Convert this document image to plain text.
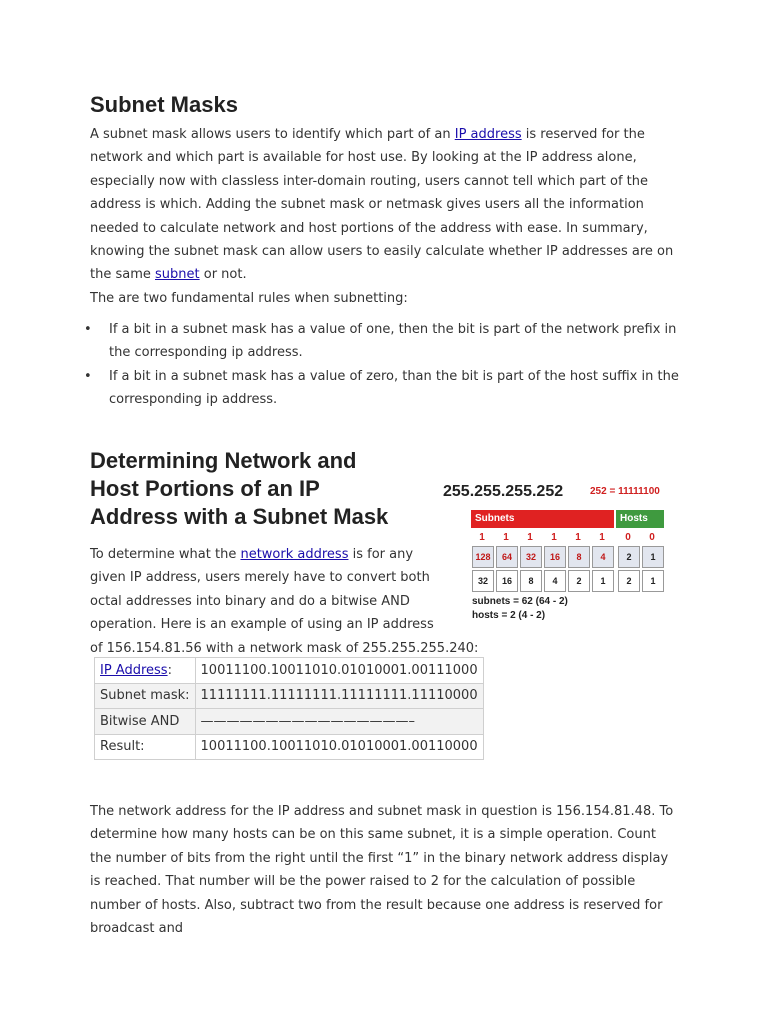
Subnet Masks

A subnet mask allows users to identify which part of an IP address is reserved for the network and which part is available for host use. By looking at the IP address alone, especially now with classless inter-domain routing, users cannot tell which part of the address is which. Adding the subnet mask or netmask gives users all the information needed to calculate network and host portions of the address with ease. In summary, knowing the subnet mask can allow users to easily calculate whether IP addresses are on the same subnet or not.
The are two fundamental rules when subnetting:

• If a bit in a subnet mask has a value of one, then the bit is part of the network prefix in the corresponding ip address.
• If a bit in a subnet mask has a value of zero, than the bit is part of the host suffix in the corresponding ip address.
Determining Network and Host Portions of an IP Address with a Subnet Mask

To determine what the network address is for any given IP address, users merely have to convert both octal addresses into binary and do a bitwise AND operation. Here is an example of using an IP address

of 156.154.81.56 with a network mask of 255.255.255.240:
IP Address:	10011100.10011010.01010001.00111000
Subnet mask:	11111111.11111111.11111111.11110000
Bitwise AND	————————————————–
Result:	10011100.10011010.01010001.00110000

The network address for the IP address and subnet mask in question is 156.154.81.48. To determine how many hosts can be on this same subnet, it is a simple operation. Count the number of bits from the right until the first “1” in the binary network address display is reached. That number will be the power raised to 2 for the calculation of possible number of hosts. Also, subtract two from the result because one address is reserved for broadcast and

255.255.255.252	252 = 11111100
Subnets	Hosts
1	1	1	1	1	1	0	0
128	64	32	16	8	4	2	1
32	16	8	4	2	1	2	1
subnets = 62 (64 - 2)
hosts = 2 (4 - 2)
